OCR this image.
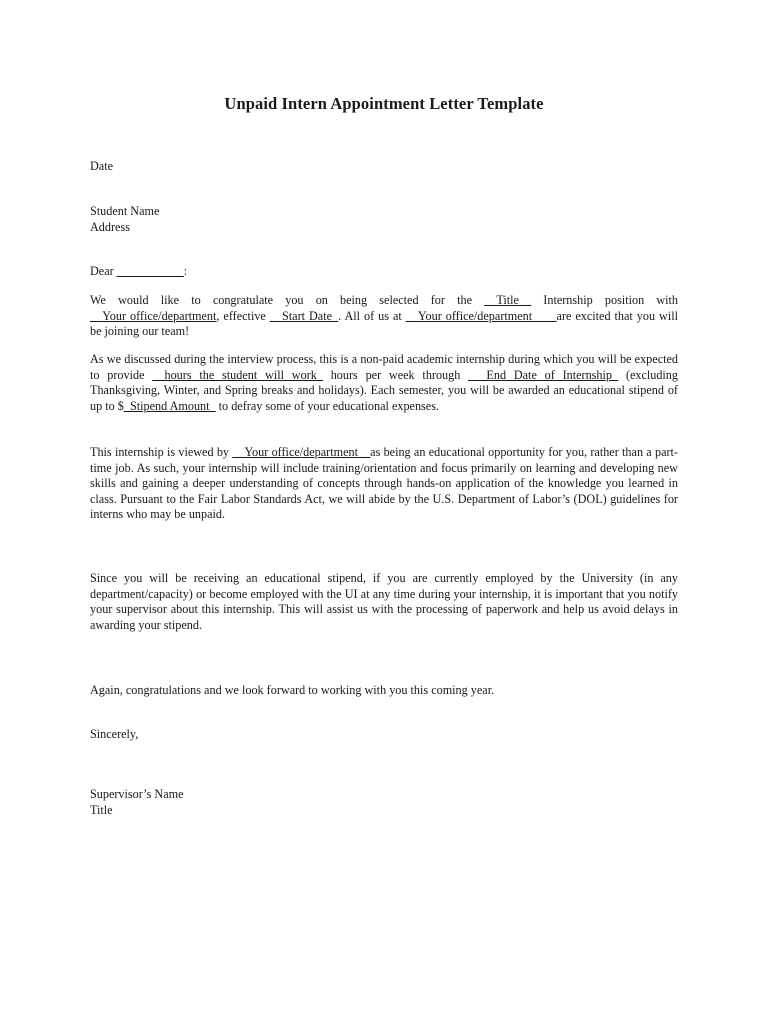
Unpaid Intern Appointment Letter Template
Date
Student Name
Address
Dear ___________:
We would like to congratulate you on being selected for the __Title__ Internship position with __Your office/department, effective __Start Date_. All of us at __Your office/department____are excited that you will be joining our team!
As we discussed during the interview process, this is a non-paid academic internship during which you will be expected to provide __hours the student will work_ hours per week through ___End Date of Internship_ (excluding Thanksgiving, Winter, and Spring breaks and holidays). Each semester, you will be awarded an educational stipend of up to $_Stipend Amount_ to defray some of your educational expenses.
This internship is viewed by __Your office/department__as being an educational opportunity for you, rather than a part-time job. As such, your internship will include training/orientation and focus primarily on learning and developing new skills and gaining a deeper understanding of concepts through hands-on application of the knowledge you learned in class. Pursuant to the Fair Labor Standards Act, we will abide by the U.S. Department of Labor’s (DOL) guidelines for interns who may be unpaid.
Since you will be receiving an educational stipend, if you are currently employed by the University (in any department/capacity) or become employed with the UI at any time during your internship, it is important that you notify your supervisor about this internship. This will assist us with the processing of paperwork and help us avoid delays in awarding your stipend.
Again, congratulations and we look forward to working with you this coming year.
Sincerely,
Supervisor’s Name
Title
